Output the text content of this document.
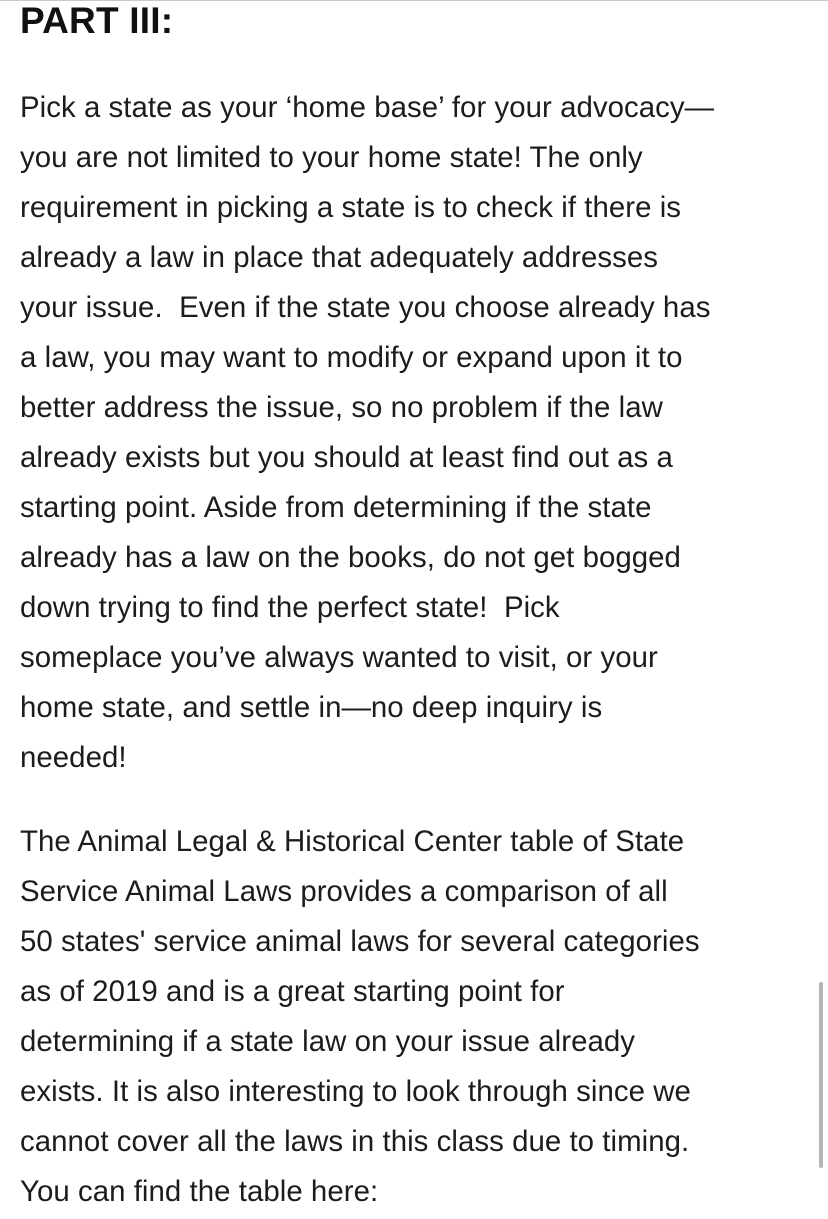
PART III:

Pick a state as your ‘home base’ for your advocacy—
you are not limited to your home state! The only
requirement in picking a state is to check if there is
already a law in place that adequately addresses
your issue.  Even if the state you choose already has
a law, you may want to modify or expand upon it to
better address the issue, so no problem if the law
already exists but you should at least find out as a
starting point. Aside from determining if the state
already has a law on the books, do not get bogged
down trying to find the perfect state!  Pick
someplace you’ve always wanted to visit, or your
home state, and settle in—no deep inquiry is
needed!

The Animal Legal & Historical Center table of State
Service Animal Laws provides a comparison of all
50 states' service animal laws for several categories
as of 2019 and is a great starting point for
determining if a state law on your issue already
exists. It is also interesting to look through since we
cannot cover all the laws in this class due to timing.
You can find the table here:
